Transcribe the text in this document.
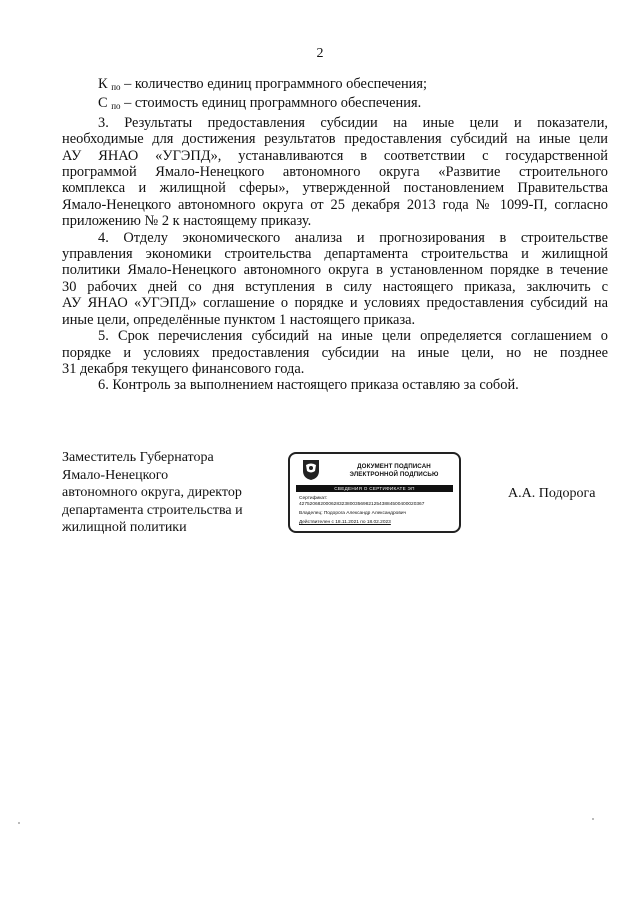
2
К $_{по}$ – количество единиц программного обеспечения;
С $_{по}$ – стоимость единиц программного обеспечения.
3. Результаты предоставления субсидии на иные цели и показатели,
необходимые для достижения результатов предоставления субсидий на иные цели
АУ ЯНАО «УГЭПД», устанавливаются в соответствии с государственной
программой Ямало-Ненецкого автономного округа «Развитие строительного
комплекса и жилищной сферы», утвержденной постановлением Правительства
Ямало-Ненецкого автономного округа от 25 декабря 2013 года № 1099-П, согласно
приложению № 2 к настоящему приказу.
4. Отделу экономического анализа и прогнозирования в строительстве
управления экономики строительства департамента строительства и жилищной
политики Ямало-Ненецкого автономного округа в установленном порядке в течение
30 рабочих дней со дня вступления в силу настоящего приказа, заключить с
АУ ЯНАО «УГЭПД» соглашение о порядке и условиях предоставления субсидий на
иные цели, определённые пунктом 1 настоящего приказа.
5. Срок перечисления субсидий на иные цели определяется соглашением о
порядке и условиях предоставления субсидии на иные цели, но не позднее
31 декабря текущего финансового года.
6. Контроль за выполнением настоящего приказа оставляю за собой.
Заместитель Губернатора
Ямало-Ненецкого
автономного округа, директор
департамента строительства и
жилищной политики
ДОКУМЕНТ ПОДПИСАН
ЭЛЕКТРОННОЙ ПОДПИСЬЮ
СВЕДЕНИЯ О СЕРТИФИКАТЕ ЭП
Сертификат:
42752068200062832380035698212543884500400020367
Владелец: Подорога Александр Александрович
Действителен с 18.11.2021 по 18.02.2023
А.А. Подорога
